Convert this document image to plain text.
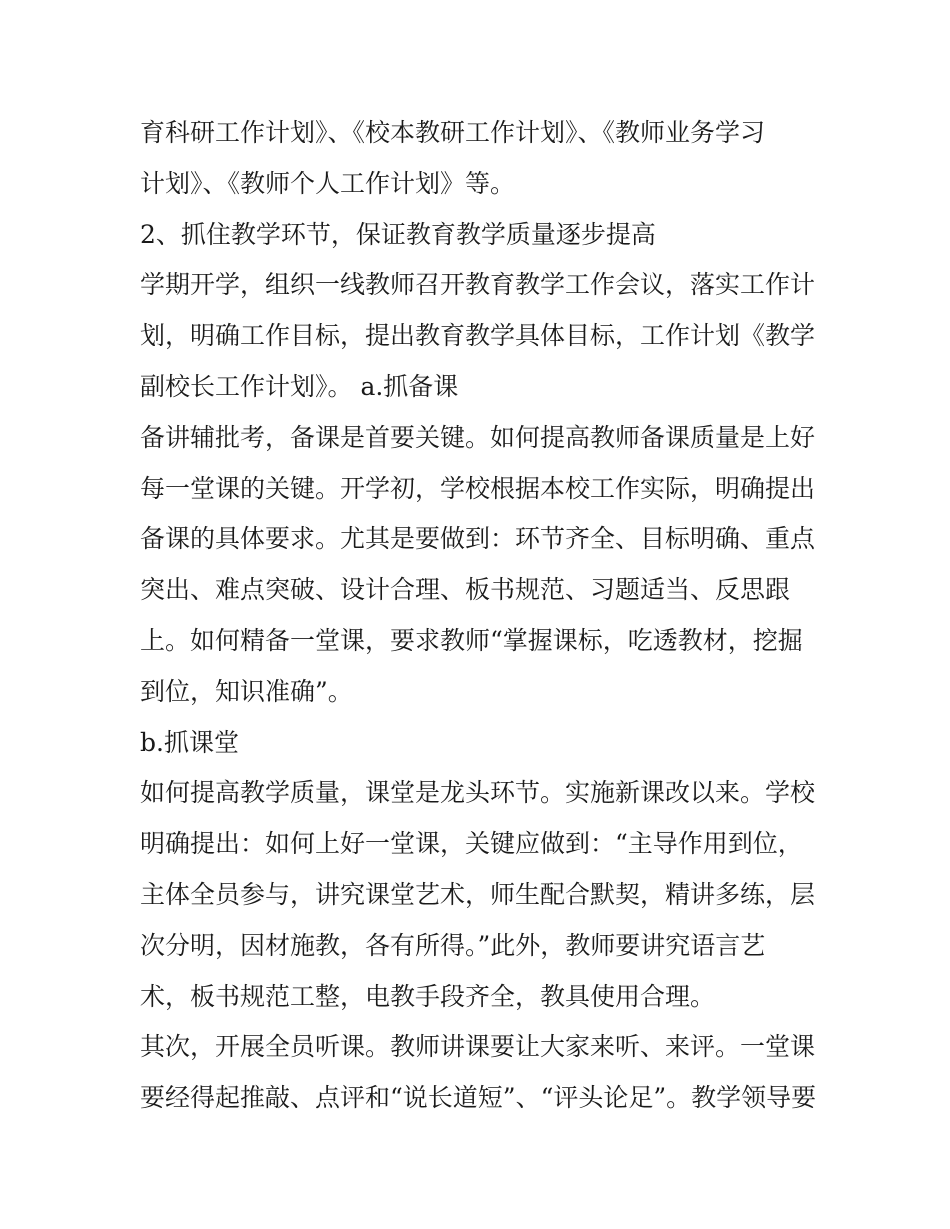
育科研工作计划》、《校本教研工作计划》、《教师业务学习
计划》、《教师个人工作计划》等。
2、抓住教学环节，保证教育教学质量逐步提高
学期开学，组织一线教师召开教育教学工作会议，落实工作计
划，明确工作目标，提出教育教学具体目标，工作计划《教学
副校长工作计划》。 a.抓备课
备讲辅批考，备课是首要关键。如何提高教师备课质量是上好
每一堂课的关键。开学初，学校根据本校工作实际，明确提出
备课的具体要求。尤其是要做到：环节齐全、目标明确、重点
突出、难点突破、设计合理、板书规范、习题适当、反思跟
上。如何精备一堂课，要求教师“掌握课标，吃透教材，挖掘
到位，知识准确”。
b.抓课堂
如何提高教学质量，课堂是龙头环节。实施新课改以来。学校
明确提出：如何上好一堂课，关键应做到：“主导作用到位，
主体全员参与，讲究课堂艺术，师生配合默契，精讲多练，层
次分明，因材施教，各有所得。”此外，教师要讲究语言艺
术，板书规范工整，电教手段齐全，教具使用合理。
其次，开展全员听课。教师讲课要让大家来听、来评。一堂课
要经得起推敲、点评和“说长道短”、“评头论足”。教学领导要
